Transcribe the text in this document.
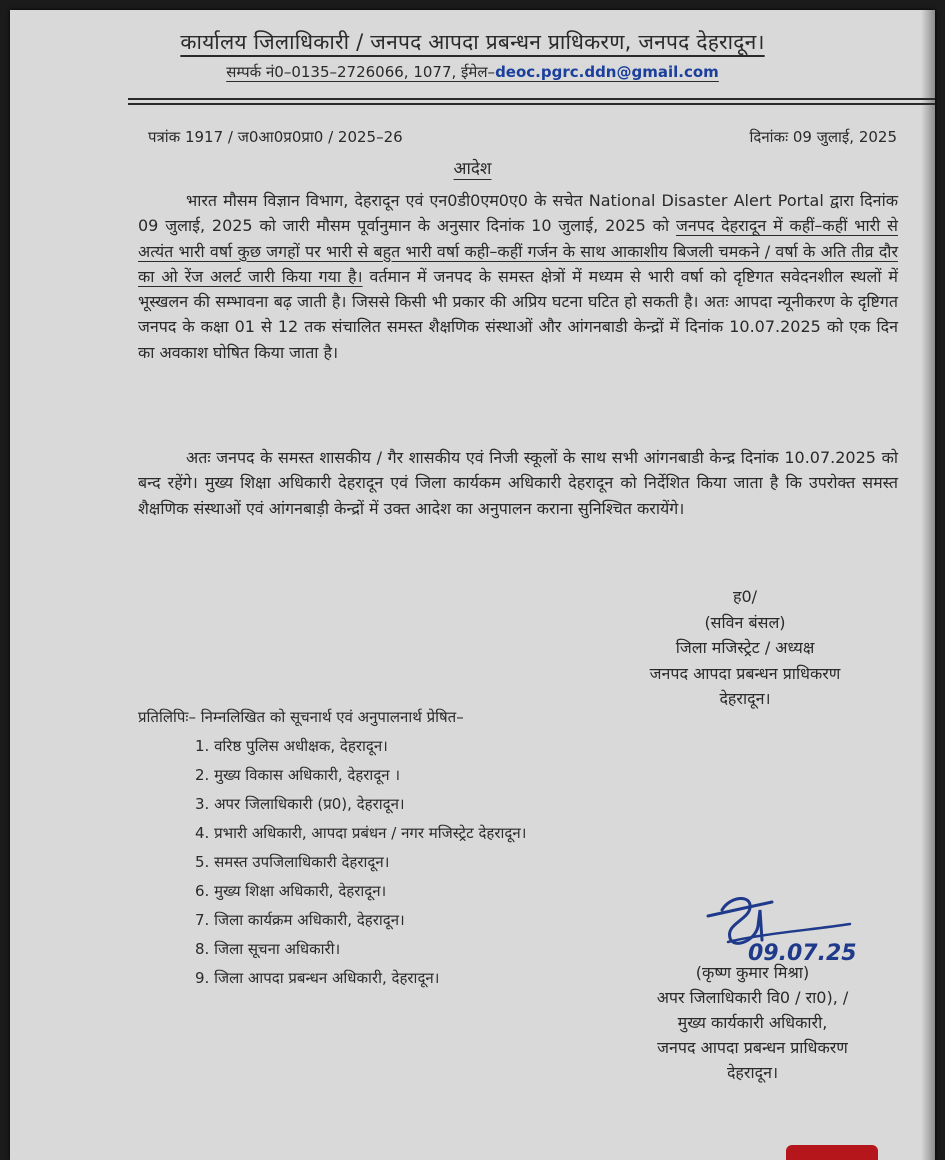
कार्यालय जिलाधिकारी / जनपद आपदा प्रबन्धन प्राधिकरण, जनपद देहरादून।
सम्पर्क नं0–0135–2726066, 1077, ईमेल–deoc.pgrc.ddn@gmail.com
पत्रांक 1917 / ज0आ0प्र0प्रा0 / 2025–26	दिनांकः 09 जुलाई, 2025
आदेश

भारत मौसम विज्ञान विभाग, देहरादून एवं एन0डी0एम0ए0 के सचेत National Disaster Alert Portal द्वारा दिनांक 09 जुलाई, 2025 को जारी मौसम पूर्वानुमान के अनुसार दिनांक 10 जुलाई, 2025 को जनपद देहरादून में कहीं–कहीं भारी से अत्यंत भारी वर्षा कुछ जगहों पर भारी से बहुत भारी वर्षा कही–कहीं गर्जन के साथ आकाशीय बिजली चमकने / वर्षा के अति तीव्र दौर का ओ रेंज अलर्ट जारी किया गया है। वर्तमान में जनपद के समस्त क्षेत्रों में मध्यम से भारी वर्षा को दृष्टिगत सवेदनशील स्थलों में भूस्खलन की सम्भावना बढ़ जाती है। जिससे किसी भी प्रकार की अप्रिय घटना घटित हो सकती है। अतः आपदा न्यूनीकरण के दृष्टिगत जनपद के कक्षा 01 से 12 तक संचालित समस्त शैक्षणिक संस्थाओं और आंगनबाडी केन्द्रों में दिनांक 10.07.2025 को एक दिन का अवकाश घोषित किया जाता है।

अतः जनपद के समस्त शासकीय / गैर शासकीय एवं निजी स्कूलों के साथ सभी आंगनबाडी केन्द्र दिनांक 10.07.2025 को बन्द रहेंगे। मुख्य शिक्षा अधिकारी देहरादून एवं जिला कार्यकम अधिकारी देहरादून को निर्देशित किया जाता है कि उपरोक्त समस्त शैक्षणिक संस्थाओं एवं आंगनबाड़ी केन्द्रों में उक्त आदेश का अनुपालन कराना सुनिश्चित करायेंगे।

ह0/
(सविन बंसल)
जिला मजिस्ट्रेट / अध्यक्ष
जनपद आपदा प्रबन्धन प्राधिकरण
देहरादून।
प्रतिलिपिः– निम्नलिखित को सूचनार्थ एवं अनुपालनार्थ प्रेषित–
1. वरिष्ठ पुलिस अधीक्षक, देहरादून।
2. मुख्य विकास अधिकारी, देहरादून ।
3. अपर जिलाधिकारी (प्र0), देहरादून।
4. प्रभारी अधिकारी, आपदा प्रबंधन / नगर मजिस्ट्रेट देहरादून।
5. समस्त उपजिलाधिकारी देहरादून।
6. मुख्य शिक्षा अधिकारी, देहरादून।
7. जिला कार्यक्रम अधिकारी, देहरादून।
8. जिला सूचना अधिकारी।
9. जिला आपदा प्रबन्धन अधिकारी, देहरादून।
09.07.25
(कृष्ण कुमार मिश्रा)
अपर जिलाधिकारी वि0 / रा0), /
मुख्य कार्यकारी अधिकारी,
जनपद आपदा प्रबन्धन प्राधिकरण
देहरादून।
